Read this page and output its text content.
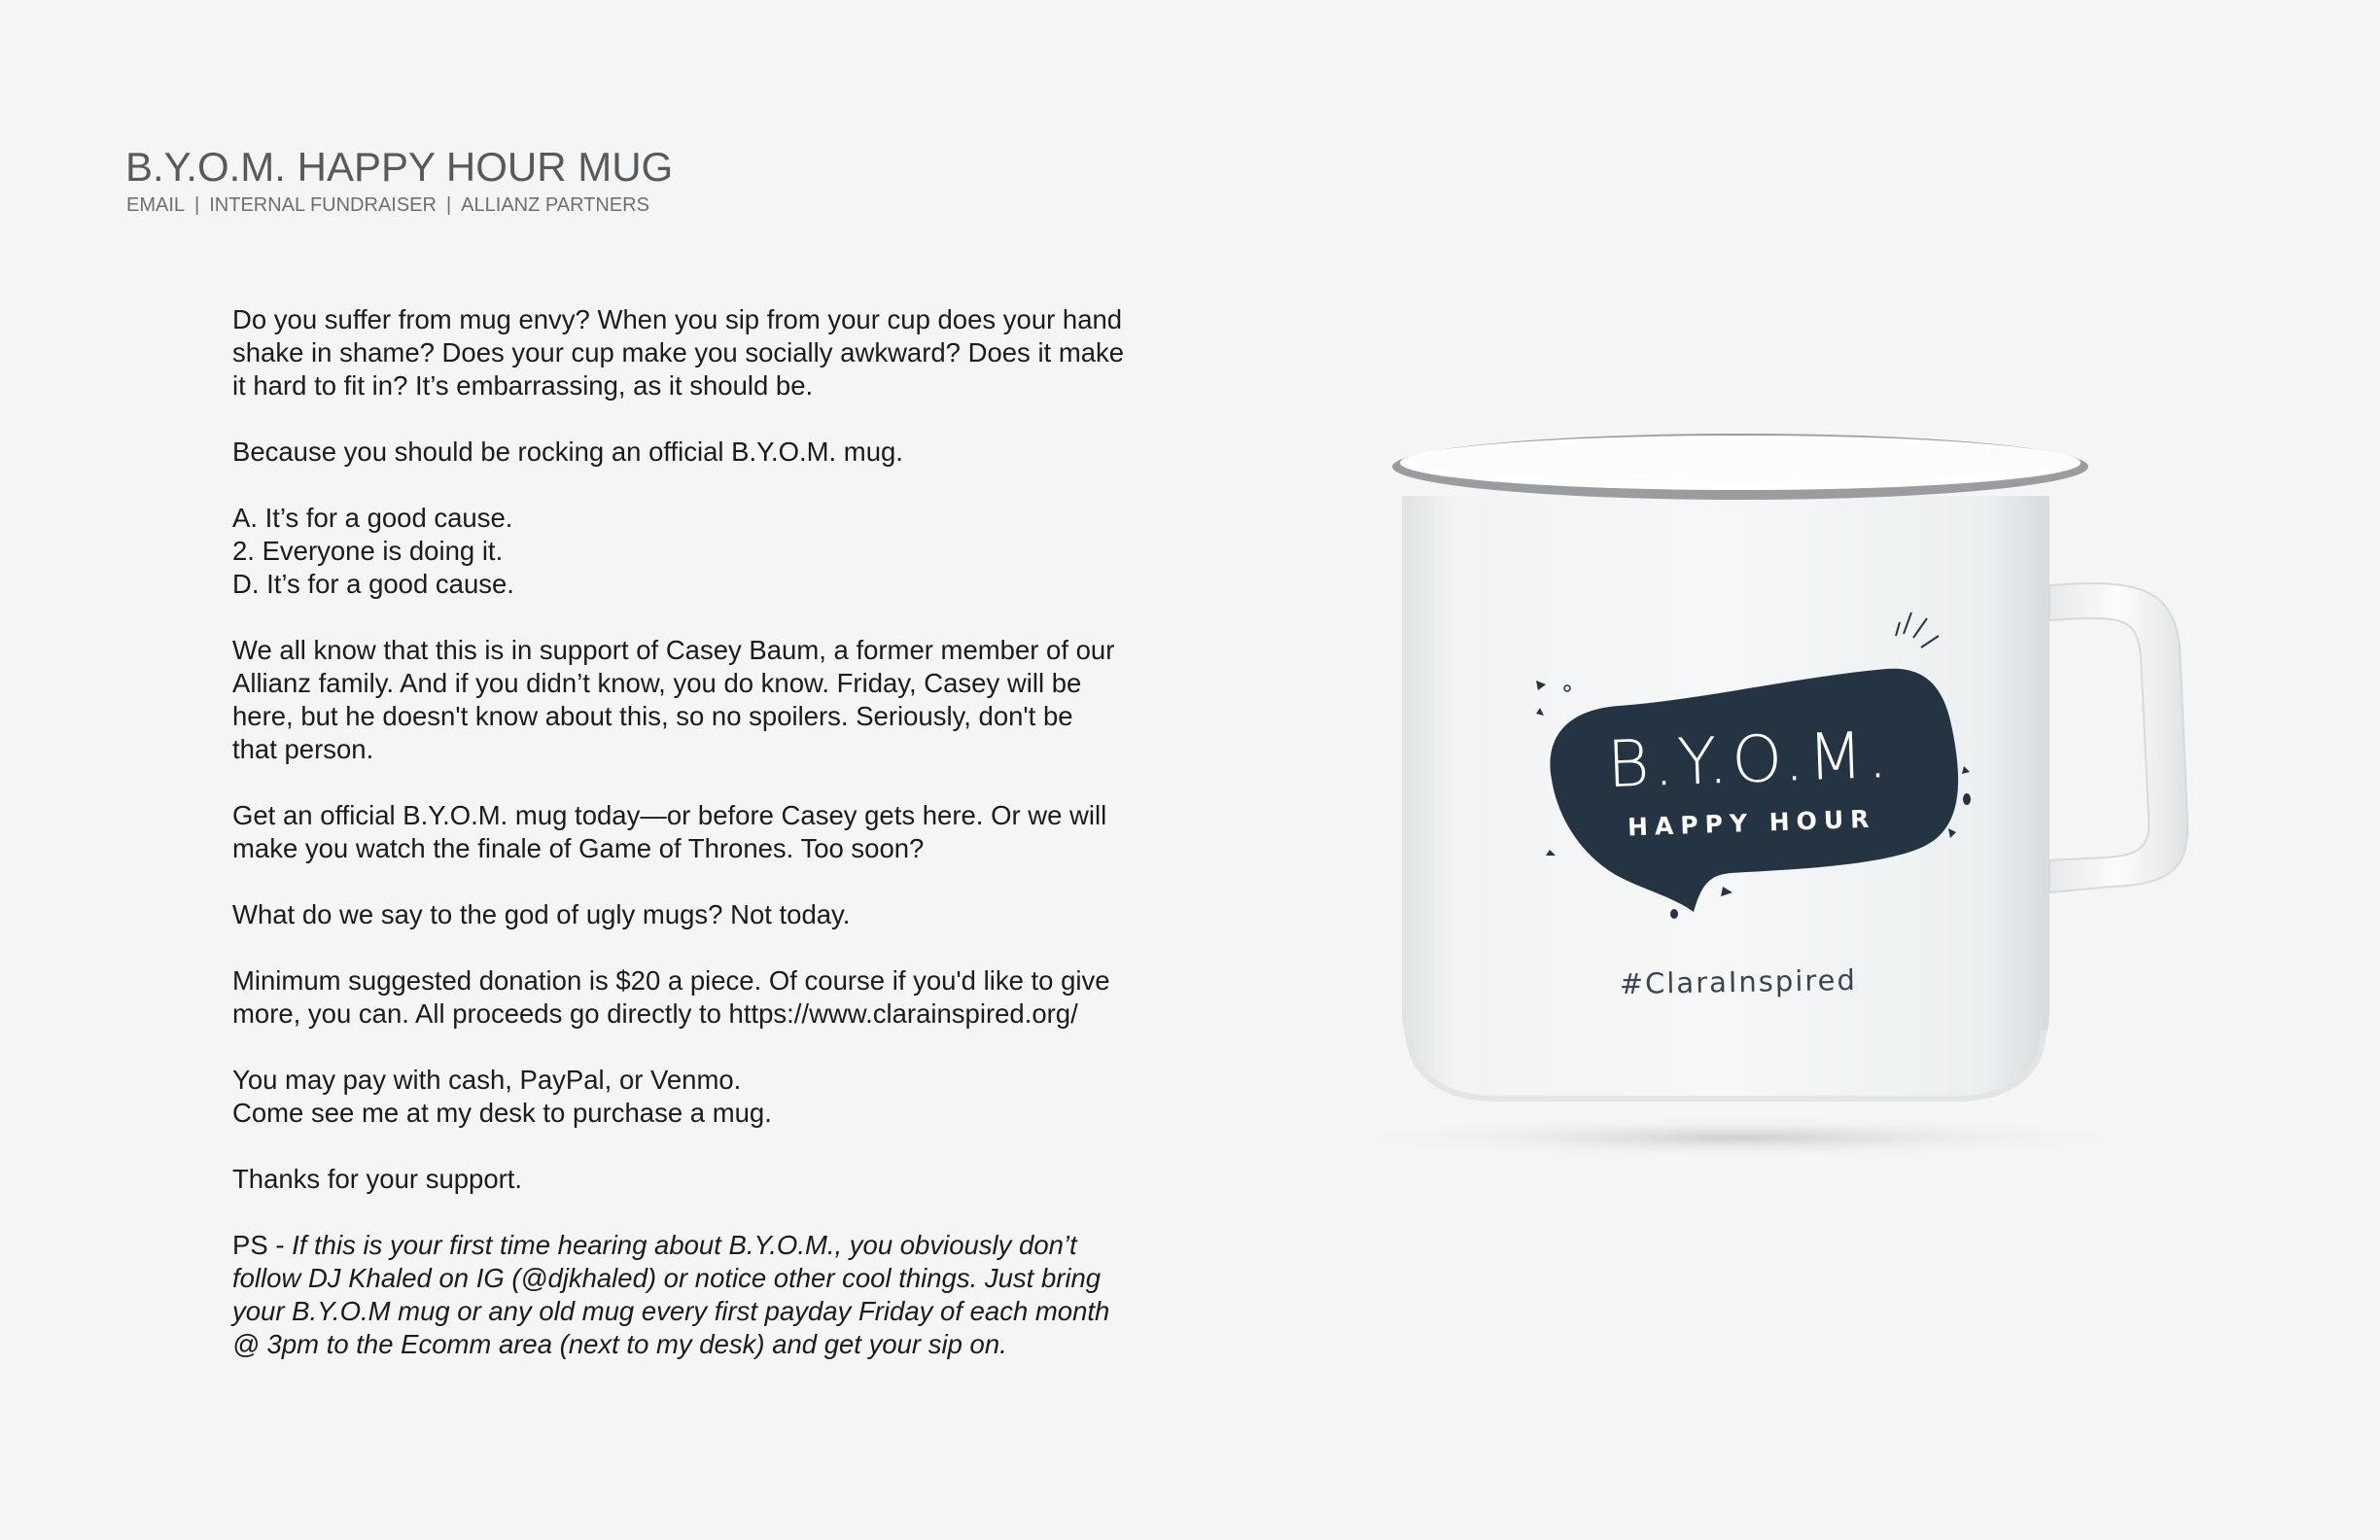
B.Y.O.M. HAPPY HOUR MUG
EMAIL | INTERNAL FUNDRAISER | ALLIANZ PARTNERS

Do you suffer from mug envy? When you sip from your cup does your hand
shake in shame? Does your cup make you socially awkward? Does it make
it hard to fit in? It’s embarrassing, as it should be.

Because you should be rocking an official B.Y.O.M. mug.

A. It’s for a good cause.
2. Everyone is doing it.
D. It’s for a good cause.

We all know that this is in support of Casey Baum, a former member of our
Allianz family. And if you didn’t know, you do know. Friday, Casey will be
here, but he doesn't know about this, so no spoilers. Seriously, don't be
that person.

Get an official B.Y.O.M. mug today—or before Casey gets here. Or we will
make you watch the finale of Game of Thrones. Too soon?

What do we say to the god of ugly mugs? Not today.

Minimum suggested donation is $20 a piece. Of course if you'd like to give
more, you can. All proceeds go directly to https://www.clarainspired.org/

You may pay with cash, PayPal, or Venmo.
Come see me at my desk to purchase a mug.

Thanks for your support.

PS - If this is your first time hearing about B.Y.O.M., you obviously don’t
follow DJ Khaled on IG (@djkhaled) or notice other cool things. Just bring
your B.Y.O.M mug or any old mug every first payday Friday of each month
@ 3pm to the Ecomm area (next to my desk) and get your sip on.

B.Y.O.M.
HAPPY HOUR
#ClaraInspired
